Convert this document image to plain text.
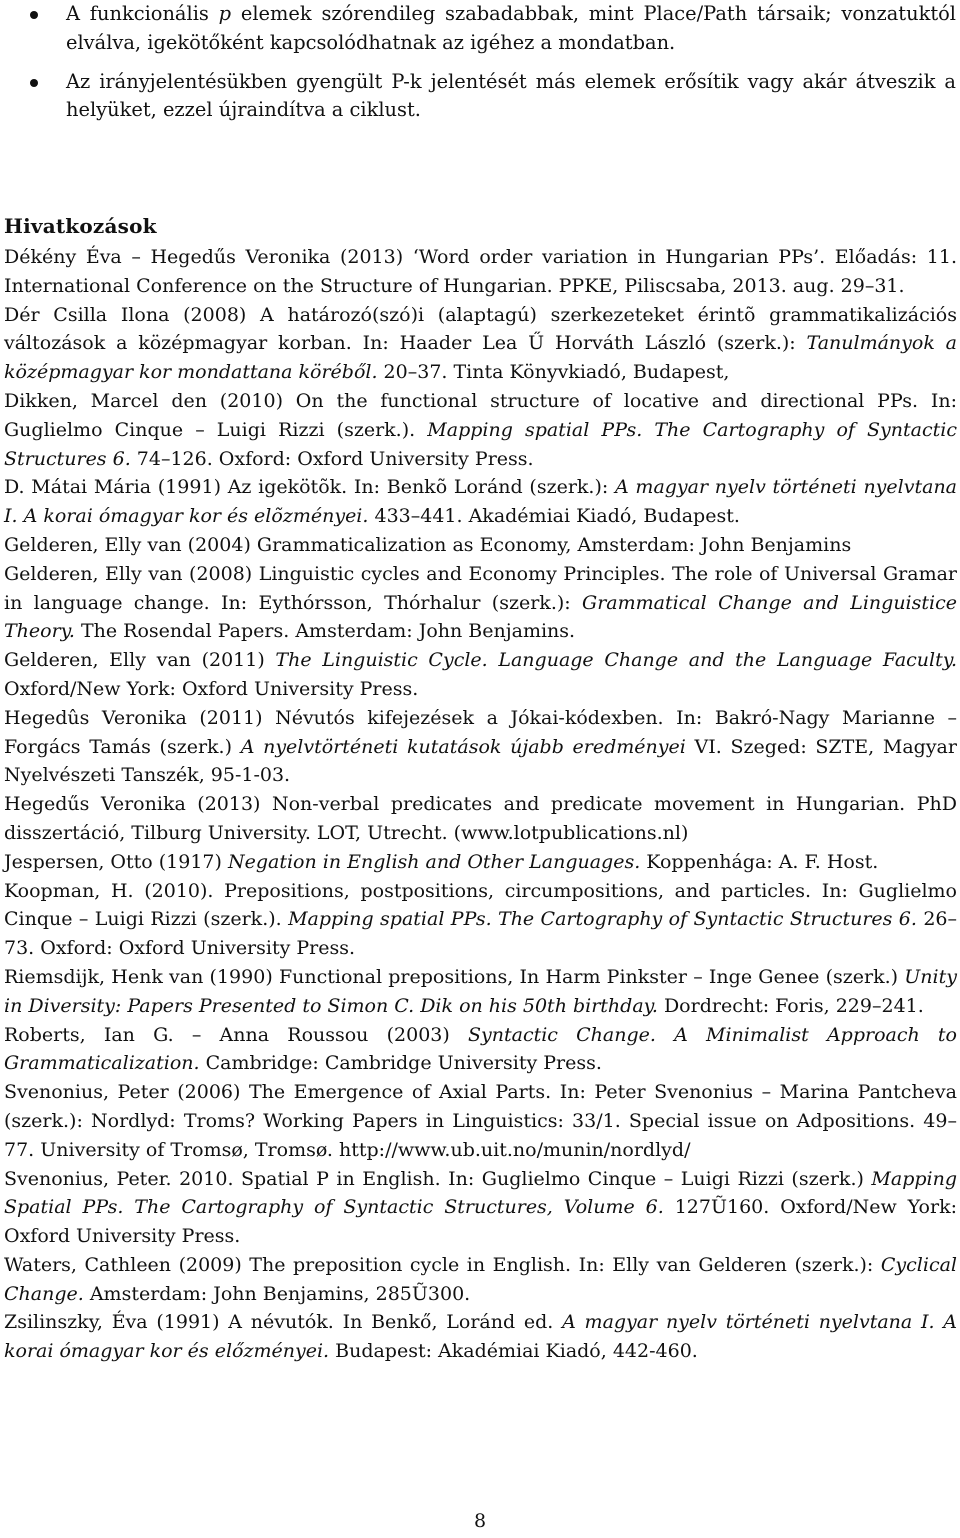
A funkcionális p elemek szórendileg szabadabbak, mint Place/Path társaik; vonzatuktól elválva, igekötőként kapcsolódhatnak az igéhez a mondatban.
Az irányjelentésükben gyengült P-k jelentését más elemek erősítik vagy akár átveszik a helyüket, ezzel újraindítva a ciklust.
Hivatkozások
Dékény Éva – Hegedűs Veronika (2013) ‘Word order variation in Hungarian PPs’. Előadás: 11. International Conference on the Structure of Hungarian. PPKE, Piliscsaba, 2013. aug. 29–31.
Dér Csilla Ilona (2008) A határozó(szó)i (alaptagú) szerkezeteket érintõ grammatikalizációs változások a középmagyar korban. In: Haader Lea Ű Horváth László (szerk.): Tanulmányok a középmagyar kor mondattana köréből. 20–37. Tinta Könyvkiadó, Budapest,
Dikken, Marcel den (2010) On the functional structure of locative and directional PPs. In: Guglielmo Cinque – Luigi Rizzi (szerk.). Mapping spatial PPs. The Cartography of Syntactic Structures 6. 74–126. Oxford: Oxford University Press.
D. Mátai Mária (1991) Az igekötõk. In: Benkõ Loránd (szerk.): A magyar nyelv történeti nyelvtana I. A korai ómagyar kor és elõzményei. 433–441. Akadémiai Kiadó, Budapest.
Gelderen, Elly van (2004) Grammaticalization as Economy, Amsterdam: John Benjamins
Gelderen, Elly van (2008) Linguistic cycles and Economy Principles. The role of Universal Gramar in language change. In: Eythórsson, Thórhalur (szerk.): Grammatical Change and Linguistice Theory. The Rosendal Papers. Amsterdam: John Benjamins.
Gelderen, Elly van (2011) The Linguistic Cycle. Language Change and the Language Faculty. Oxford/New York: Oxford University Press.
Hegedûs Veronika (2011) Névutós kifejezések a Jókai-kódexben. In: Bakró-Nagy Marianne – Forgács Tamás (szerk.) A nyelvtörténeti kutatások újabb eredményei VI. Szeged: SZTE, Magyar Nyelvészeti Tanszék, 95-1-03.
Hegedűs Veronika (2013) Non-verbal predicates and predicate movement in Hungarian. PhD disszertáció, Tilburg University. LOT, Utrecht. (www.lotpublications.nl)
Jespersen, Otto (1917) Negation in English and Other Languages. Koppenhága: A. F. Host.
Koopman, H. (2010). Prepositions, postpositions, circumpositions, and particles. In: Guglielmo Cinque – Luigi Rizzi (szerk.). Mapping spatial PPs. The Cartography of Syntactic Structures 6. 26–73. Oxford: Oxford University Press.
Riemsdijk, Henk van (1990) Functional prepositions, In Harm Pinkster – Inge Genee (szerk.) Unity in Diversity: Papers Presented to Simon C. Dik on his 50th birthday. Dordrecht: Foris, 229–241.
Roberts, Ian G. – Anna Roussou (2003) Syntactic Change. A Minimalist Approach to Grammaticalization. Cambridge: Cambridge University Press.
Svenonius, Peter (2006) The Emergence of Axial Parts. In: Peter Svenonius – Marina Pantcheva (szerk.): Nordlyd: Troms? Working Papers in Linguistics: 33/1. Special issue on Adpositions. 49–77. University of Tromsø, Tromsø. http://www.ub.uit.no/munin/nordlyd/
Svenonius, Peter. 2010. Spatial P in English. In: Guglielmo Cinque – Luigi Rizzi (szerk.) Mapping Spatial PPs. The Cartography of Syntactic Structures, Volume 6. 127Ũ160. Oxford/New York: Oxford University Press.
Waters, Cathleen (2009) The preposition cycle in English. In: Elly van Gelderen (szerk.): Cyclical Change. Amsterdam: John Benjamins, 285Ũ300.
Zsilinszky, Éva (1991) A névutók. In Benkő, Loránd ed. A magyar nyelv történeti nyelvtana I. A korai ómagyar kor és előzményei. Budapest: Akadémiai Kiadó, 442-460.
8
